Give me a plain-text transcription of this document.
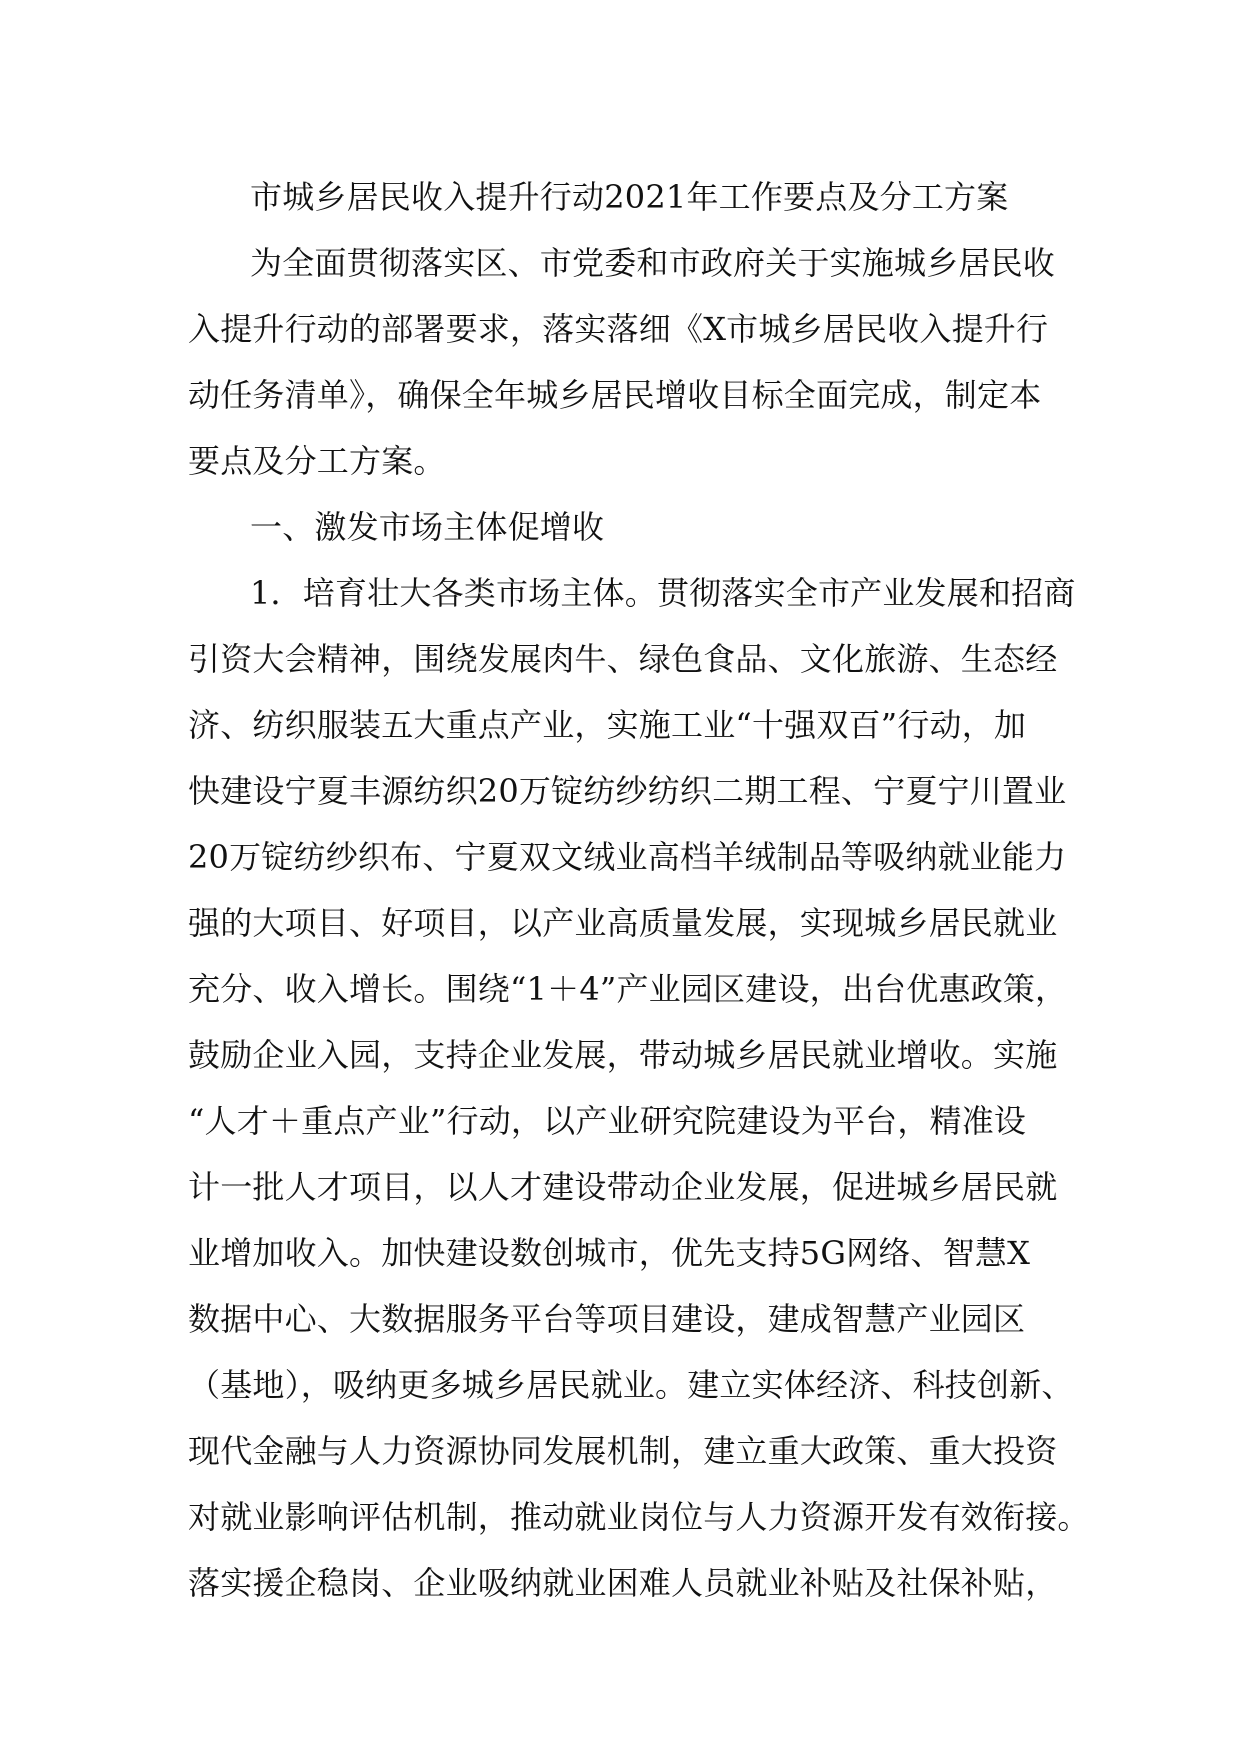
市城乡居民收入提升行动2021年工作要点及分工方案
为全面贯彻落实区、市党委和市政府关于实施城乡居民收
入提升行动的部署要求，落实落细《X市城乡居民收入提升行
动任务清单》，确保全年城乡居民增收目标全面完成，制定本
要点及分工方案。
一、激发市场主体促增收
1．培育壮大各类市场主体。贯彻落实全市产业发展和招商
引资大会精神，围绕发展肉牛、绿色食品、文化旅游、生态经
济、纺织服装五大重点产业，实施工业“十强双百”行动，加
快建设宁夏丰源纺织20万锭纺纱纺织二期工程、宁夏宁川置业
20万锭纺纱织布、宁夏双文绒业高档羊绒制品等吸纳就业能力
强的大项目、好项目，以产业高质量发展，实现城乡居民就业
充分、收入增长。围绕“1＋4”产业园区建设，出台优惠政策，
鼓励企业入园，支持企业发展，带动城乡居民就业增收。实施
“人才＋重点产业”行动，以产业研究院建设为平台，精准设
计一批人才项目，以人才建设带动企业发展，促进城乡居民就
业增加收入。加快建设数创城市，优先支持5G网络、智慧X
数据中心、大数据服务平台等项目建设，建成智慧产业园区
（基地），吸纳更多城乡居民就业。建立实体经济、科技创新、
现代金融与人力资源协同发展机制，建立重大政策、重大投资
对就业影响评估机制，推动就业岗位与人力资源开发有效衔接。
落实援企稳岗、企业吸纳就业困难人员就业补贴及社保补贴，
